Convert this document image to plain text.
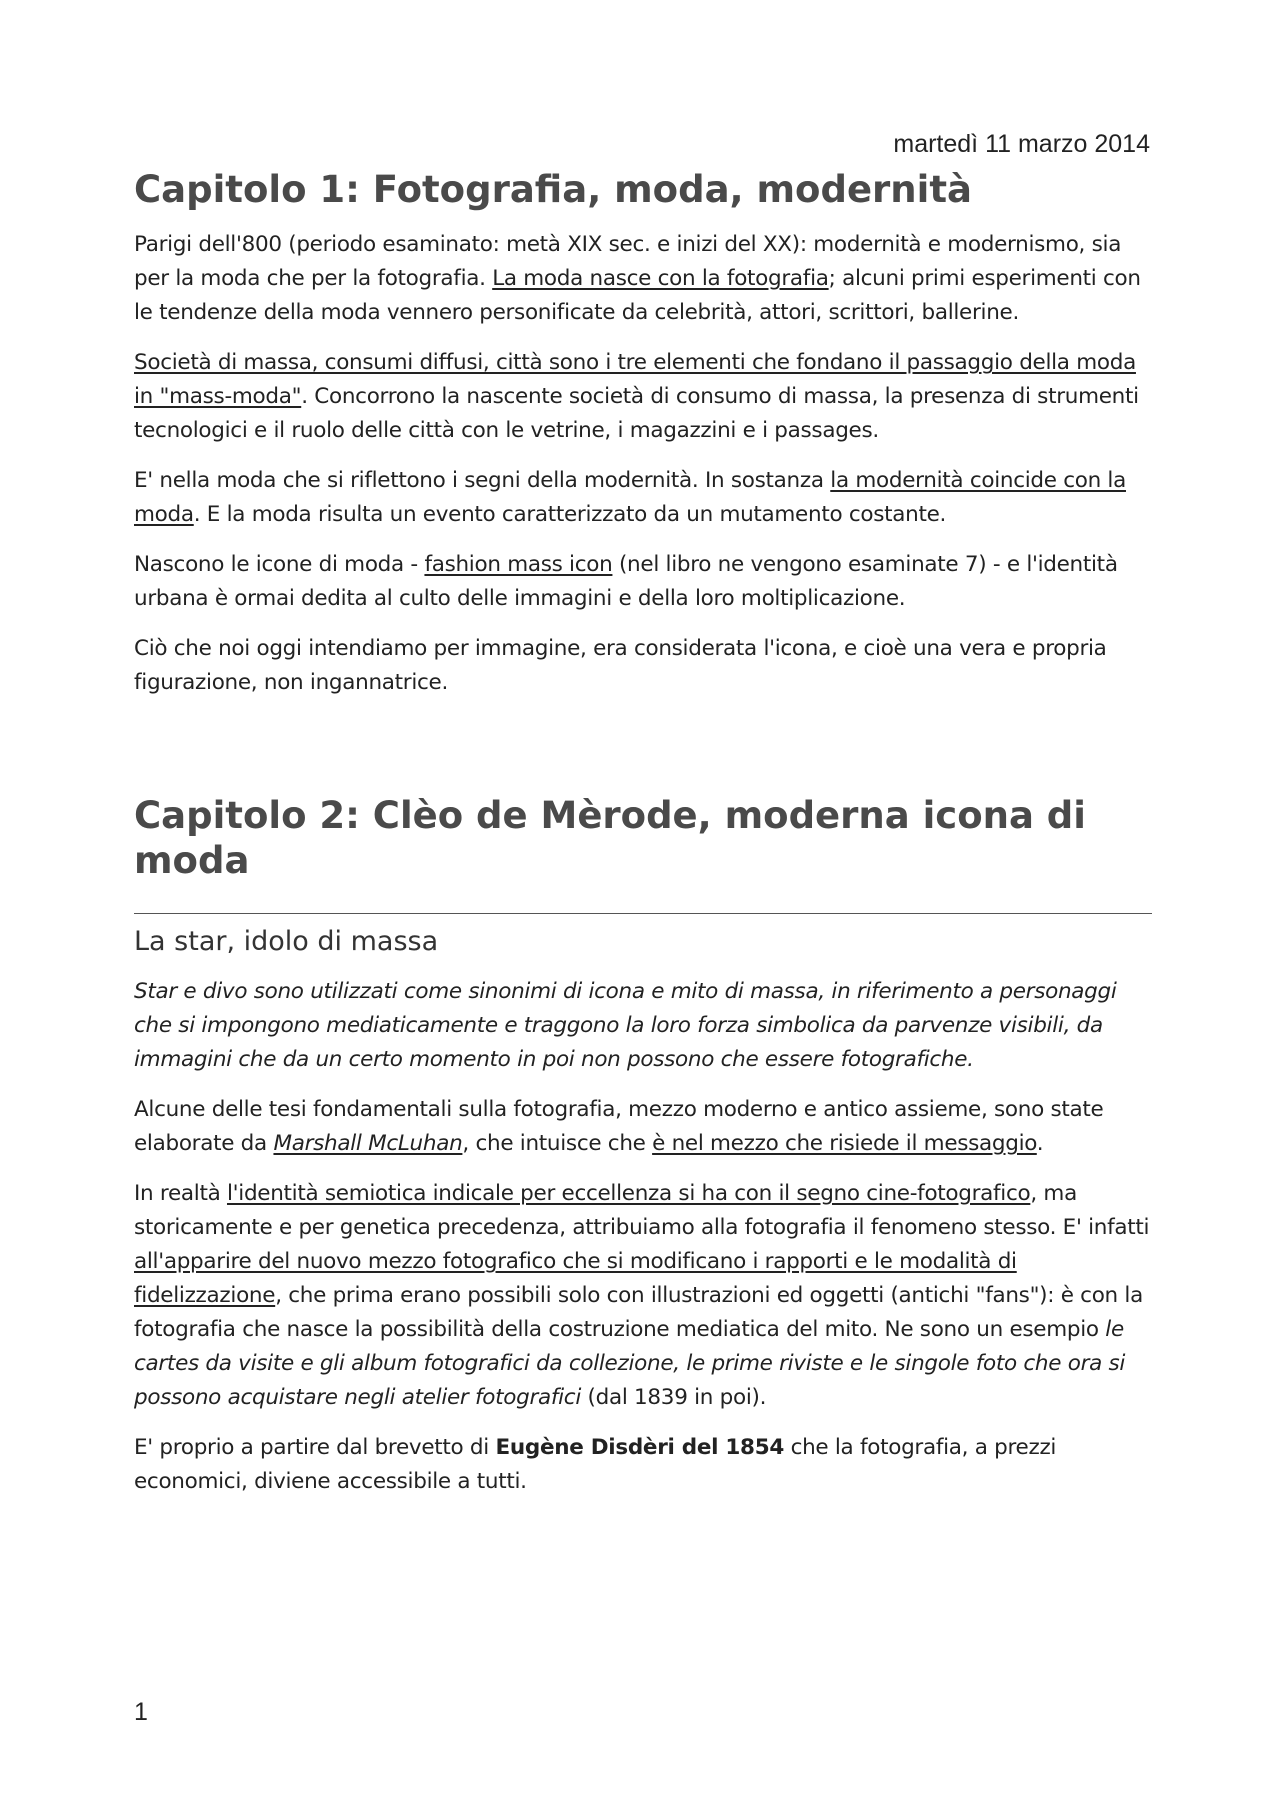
martedì 11 marzo 2014
Capitolo 1: Fotografia, moda, modernità

Parigi dell'800 (periodo esaminato: metà XIX sec. e inizi del XX): modernità e modernismo, sia per la moda che per la fotografia. La moda nasce con la fotografia; alcuni primi esperimenti con le tendenze della moda vennero personificate da celebrità, attori, scrittori, ballerine.

Società di massa, consumi diffusi, città sono i tre elementi che fondano il passaggio della moda in "mass-moda". Concorrono la nascente società di consumo di massa, la presenza di strumenti tecnologici e il ruolo delle città con le vetrine, i magazzini e i passages.

E' nella moda che si riflettono i segni della modernità. In sostanza la modernità coincide con la moda. E la moda risulta un evento caratterizzato da un mutamento costante.

Nascono le icone di moda - fashion mass icon (nel libro ne vengono esaminate 7) - e l'identità urbana è ormai dedita al culto delle immagini e della loro moltiplicazione.

Ciò che noi oggi intendiamo per immagine, era considerata l'icona, e cioè una vera e propria figurazione, non ingannatrice.

Capitolo 2: Clèo de Mèrode, moderna icona di moda
La star, idolo di massa

Star e divo sono utilizzati come sinonimi di icona e mito di massa, in riferimento a personaggi che si impongono mediaticamente e traggono la loro forza simbolica da parvenze visibili, da immagini che da un certo momento in poi non possono che essere fotografiche.

Alcune delle tesi fondamentali sulla fotografia, mezzo moderno e antico assieme, sono state elaborate da Marshall McLuhan, che intuisce che è nel mezzo che risiede il messaggio.

In realtà l'identità semiotica indicale per eccellenza si ha con il segno cine-fotografico, ma storicamente e per genetica precedenza, attribuiamo alla fotografia il fenomeno stesso. E' infatti all'apparire del nuovo mezzo fotografico che si modificano i rapporti e le modalità di fidelizzazione, che prima erano possibili solo con illustrazioni ed oggetti (antichi "fans"): è con la fotografia che nasce la possibilità della costruzione mediatica del mito. Ne sono un esempio le cartes da visite e gli album fotografici da collezione, le prime riviste e le singole foto che ora si possono acquistare negli atelier fotografici (dal 1839 in poi).

E' proprio a partire dal brevetto di Eugène Disdèri del 1854 che la fotografia, a prezzi economici, diviene accessibile a tutti.

1
